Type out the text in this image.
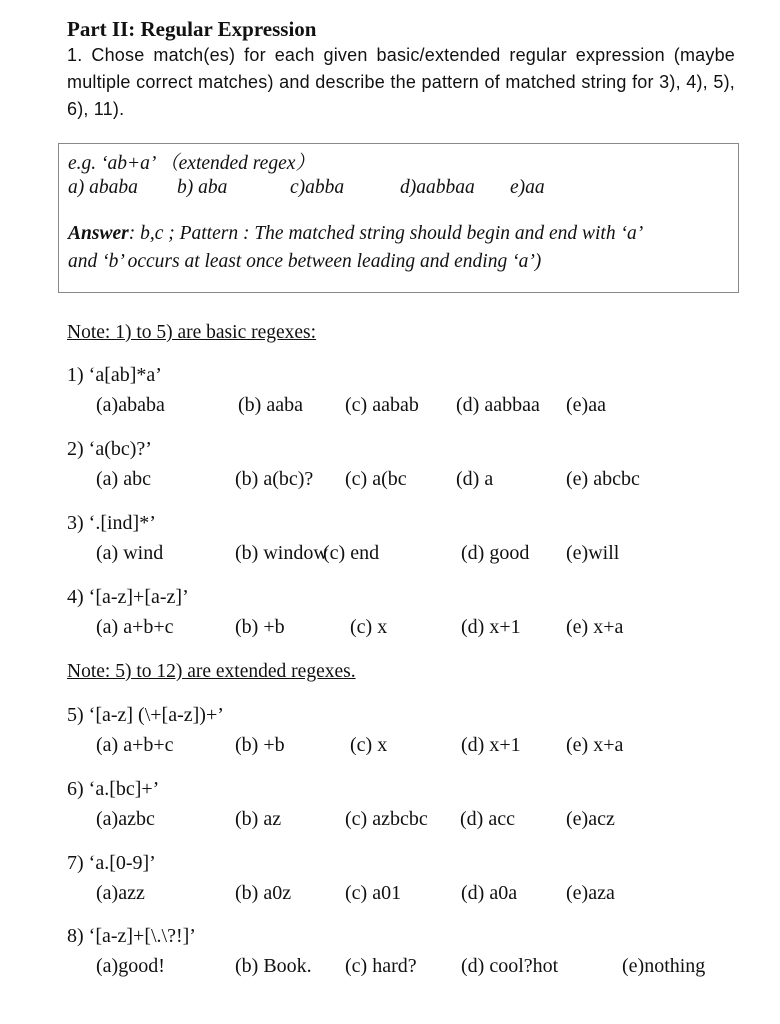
Part II: Regular Expression
1. Chose match(es) for each given basic/extended regular expression (maybe multiple correct matches) and describe the pattern of matched string for 3), 4), 5), 6), 11).
e.g. ‘ab+a’ （extended regex）
a) ababa b) aba	c)abba	d)aabbaa e)aa
Answer: b,c ; Pattern : The matched string should begin and end with ‘a’
and ‘b’ occurs at least once between leading and ending ‘a’)
Note: 1) to 5) are basic regexes:
Note: 5) to 12) are extended regexes.
1) ‘a[ab]*a’
(a)ababa	(b) aaba (c) aabab (d) aabbaa (e)aa
2) ‘a(bc)?’
(a) abc	(b) a(bc)? (c) a(bc (d) a	(e) abcbc
3) ‘.[ind]*’
(a) wind	(b) window
(c) end	(d) good (e)will
4) ‘[a-z]+[a-z]’
(a) a+b+c	(b) +b	(c) x	(d) x+1 (e) x+a
5) ‘[a-z] (\+[a-z])+’
(a) a+b+c	(b) +b	(c) x	(d) x+1 (e) x+a
6) ‘a.[bc]+’
(a)azbc	(b) az	(c) azbcbc (d) acc	(e)acz
7) ‘a.[0-9]’
(a)azz	(b) a0z	(c) a01	(d) a0a (e)aza
8) ‘[a-z]+[\.\?!]’
(a)good!	(b) Book. (c) hard? (d) cool?hot	(e)nothing
